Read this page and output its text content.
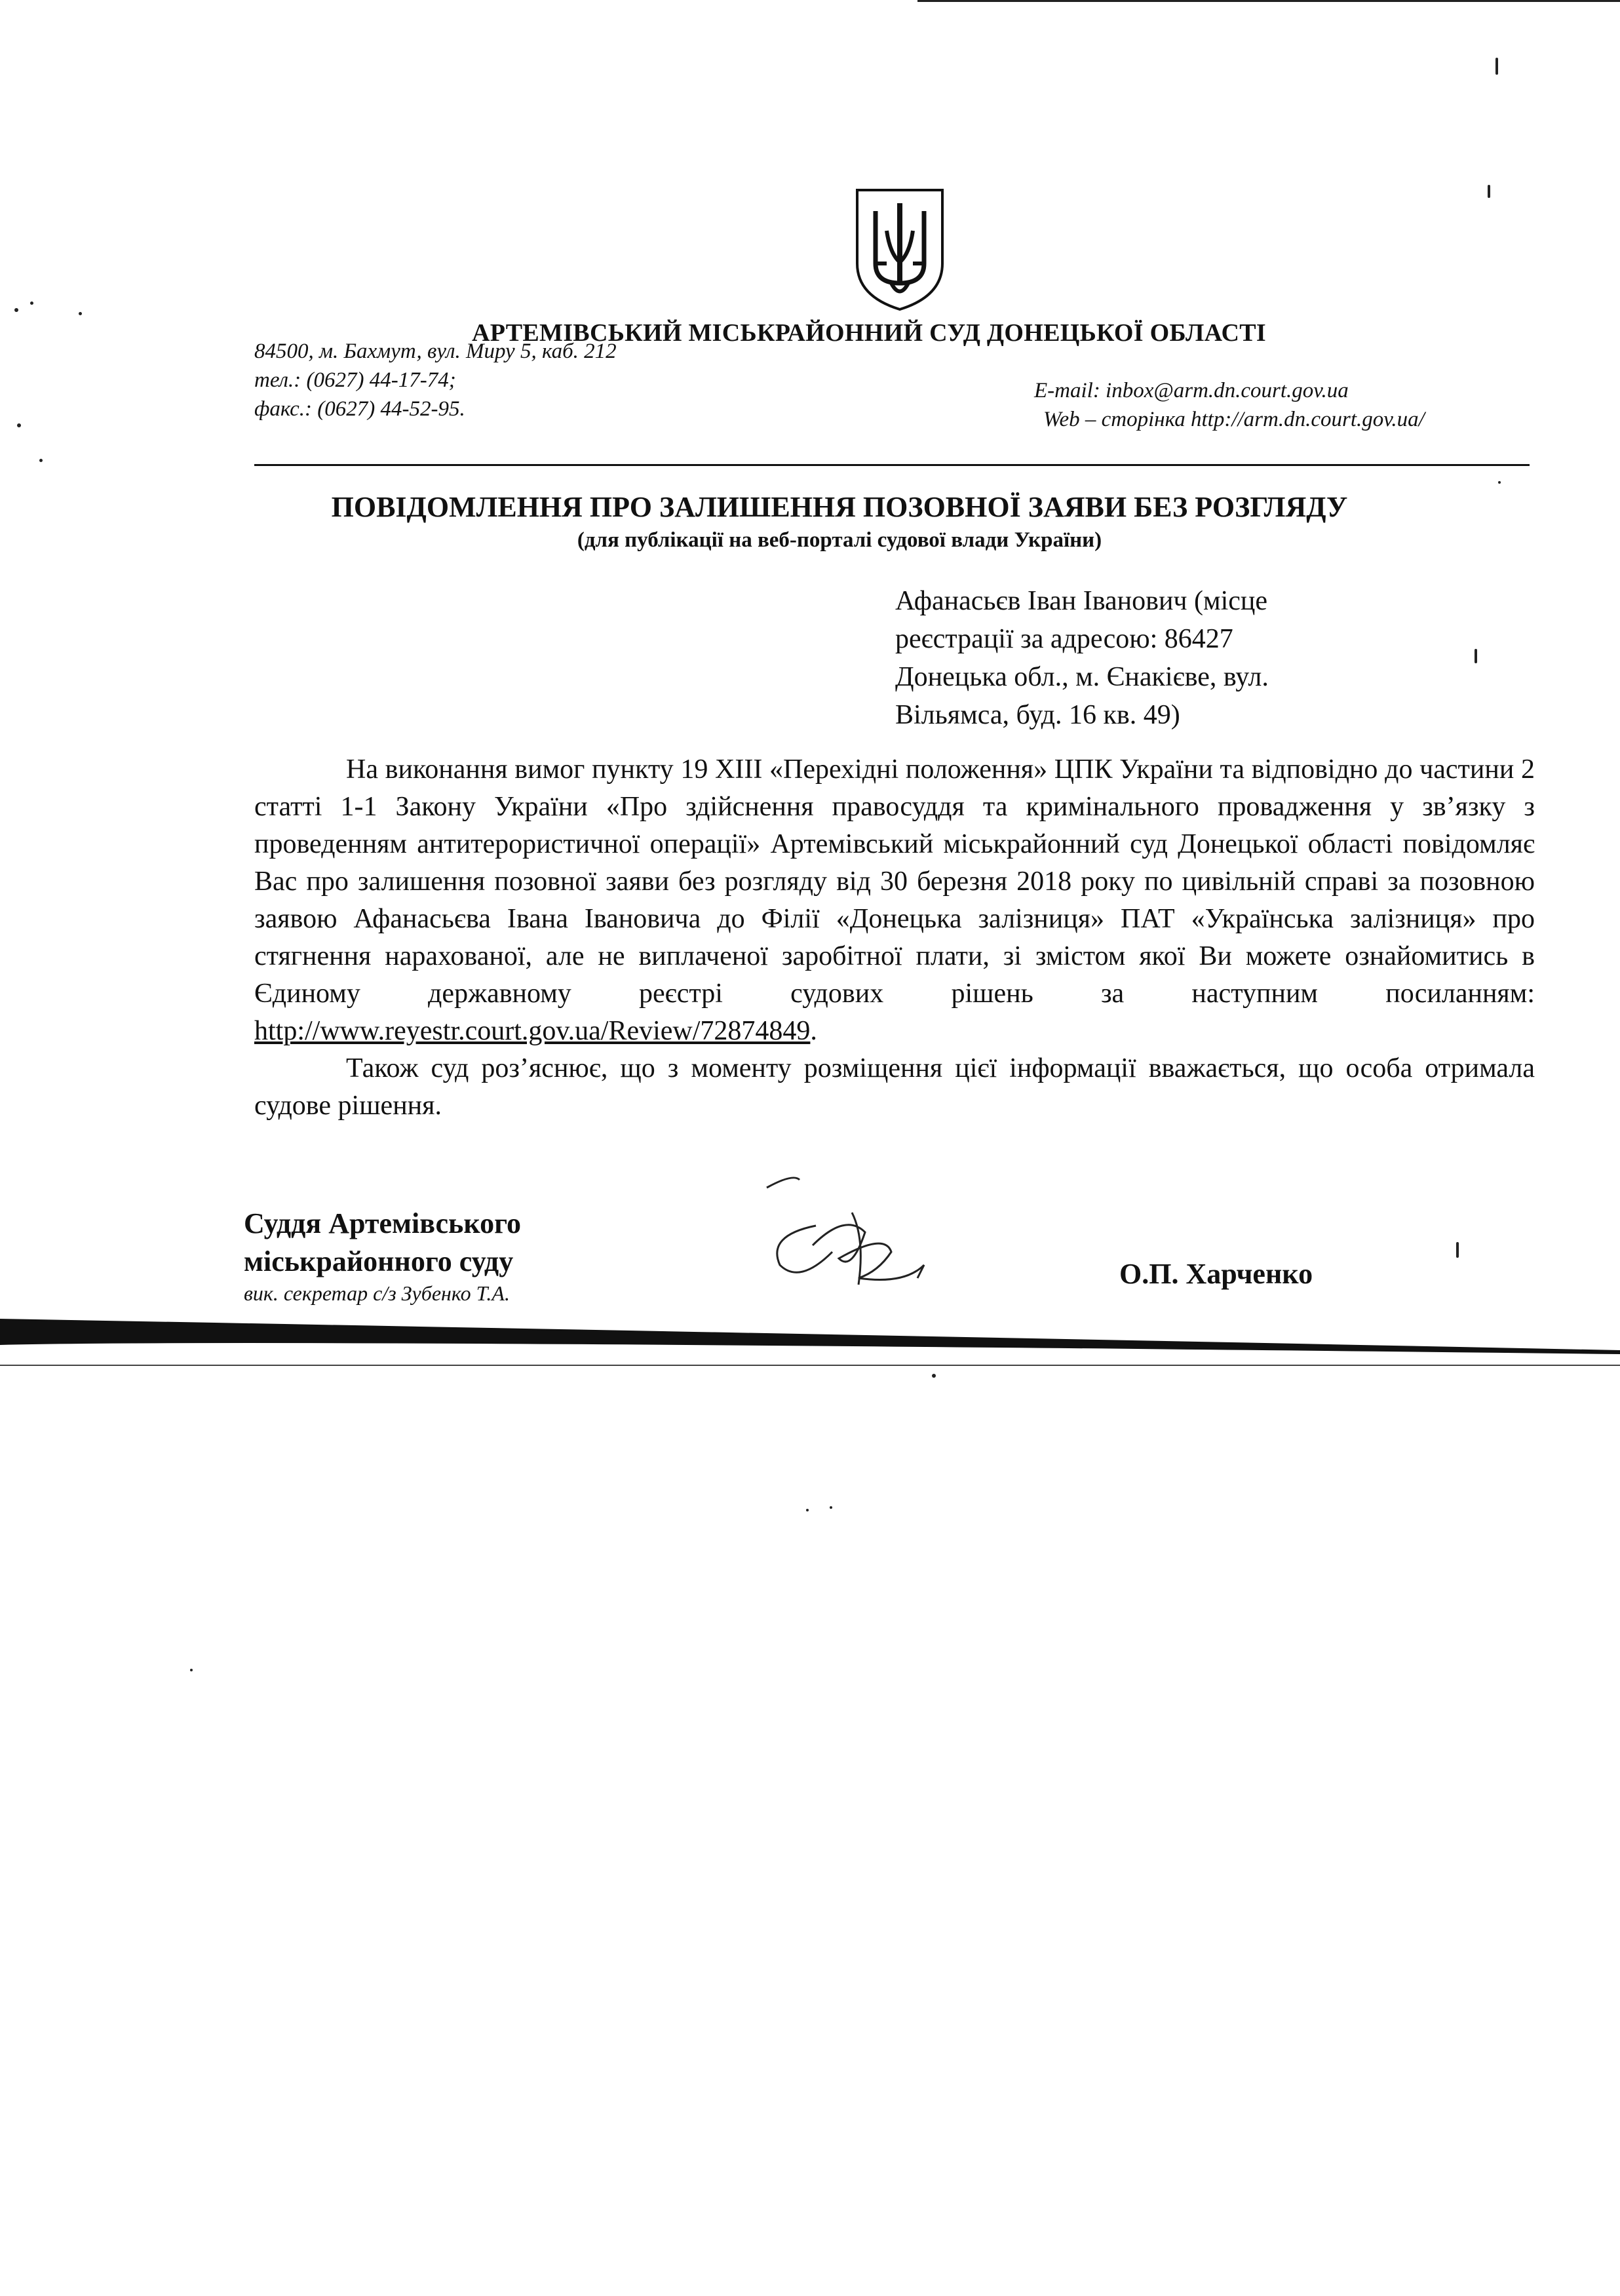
АРТЕМІВСЬКИЙ МІСЬКРАЙОННИЙ СУД ДОНЕЦЬКОЇ ОБЛАСТІ
84500, м. Бахмут, вул. Миру 5, каб. 212
тел.: (0627) 44-17-74;
факс.: (0627) 44-52-95.
E-mail: inbox@arm.dn.court.gov.ua
Web – сторінка http://arm.dn.court.gov.ua/
ПОВІДОМЛЕННЯ ПРО ЗАЛИШЕННЯ ПОЗОВНОЇ ЗАЯВИ БЕЗ РОЗГЛЯДУ
(для публікації на веб-порталі судової влади України)
Афанасьєв Іван Іванович (місце
реєстрації за адресою: 86427
Донецька обл., м. Єнакієве, вул.
Вільямса, буд. 16 кв. 49)

На виконання вимог пункту 19 XIII «Перехідні положення» ЦПК України та відповідно до частини 2 статті 1-1 Закону України «Про здійснення правосуддя та кримінального провадження у зв’язку з проведенням антитерористичної операції» Артемівський міськрайонний суд Донецької області повідомляє Вас про залишення позовної заяви без розгляду від 30 березня 2018 року по цивільній справі за позовною заявою Афанасьєва Івана Івановича до Філії «Донецька залізниця» ПАТ «Українська залізниця» про стягнення нарахованої, але не виплаченої заробітної плати, зі змістом якої Ви можете ознайомитись в Єдиному державному реєстрі судових рішень за наступним посиланням: http://www.reyestr.court.gov.ua/Review/72874849.

Також суд роз’яснює, що з моменту розміщення цієї інформації вважається, що особа отримала судове рішення.

Суддя Артемівського
міськрайонного суду
вик. секретар с/з Зубенко Т.А.
О.П. Харченко
